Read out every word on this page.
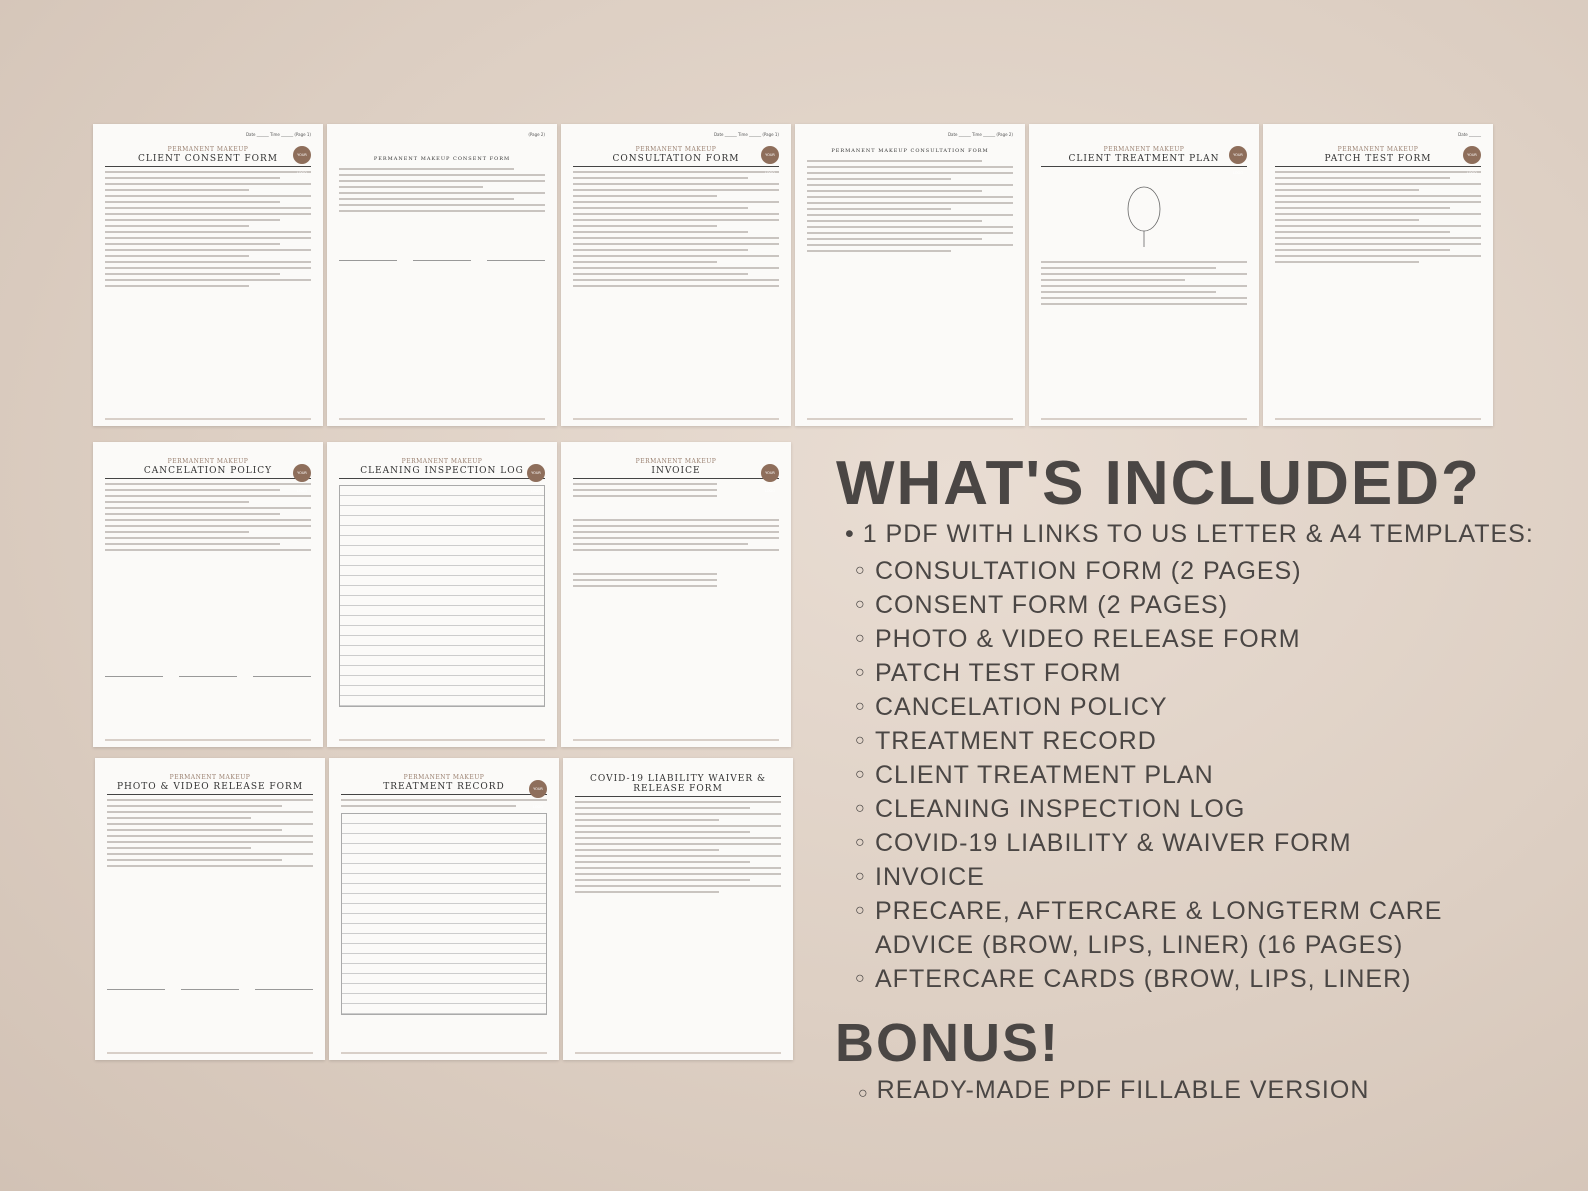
Date ______ Time ______ (Page 1)
PERMANENT MAKEUP
CLIENT CONSENT FORM	YOUR LOGO
(Page 2)
PERMANENT MAKEUP CONSENT FORM
Date ______ Time ______ (Page 1)
PERMANENT MAKEUP
CONSULTATION FORM	YOUR LOGO
Date ______ Time ______ (Page 2)
PERMANENT MAKEUP CONSULTATION FORM	PERMANENT MAKEUP
CLIENT TREATMENT PLAN	YOUR LOGO
Date ______
PERMANENT MAKEUP
PATCH TEST FORM	YOUR LOGO
PERMANENT MAKEUP
CANCELATION POLICY	YOUR LOGO
PERMANENT MAKEUP
CLEANING INSPECTION LOG	YOUR LOGO
PERMANENT MAKEUP
INVOICE	YOUR LOGO
PERMANENT MAKEUP
PHOTO & VIDEO RELEASE FORM
PERMANENT MAKEUP
TREATMENT RECORD	YOUR LOGO
COVID-19 LIABILITY WAIVER & RELEASE FORM
WHAT'S INCLUDED?

• 1 PDF WITH LINKS TO US LETTER & A4 TEMPLATES:

○ CONSULTATION FORM (2 PAGES)
○ CONSENT FORM (2 PAGES)
○ PHOTO & VIDEO RELEASE FORM
○ PATCH TEST FORM
○ CANCELATION POLICY
○ TREATMENT RECORD
○ CLIENT TREATMENT PLAN
○ CLEANING INSPECTION LOG
○ COVID-19 LIABILITY & WAIVER FORM
○ INVOICE
○ PRECARE, AFTERCARE & LONGTERM CARE
ADVICE (BROW, LIPS, LINER) (16 PAGES)
○ AFTERCARE CARDS (BROW, LIPS, LINER)
BONUS!
○ READY-MADE PDF FILLABLE VERSION
